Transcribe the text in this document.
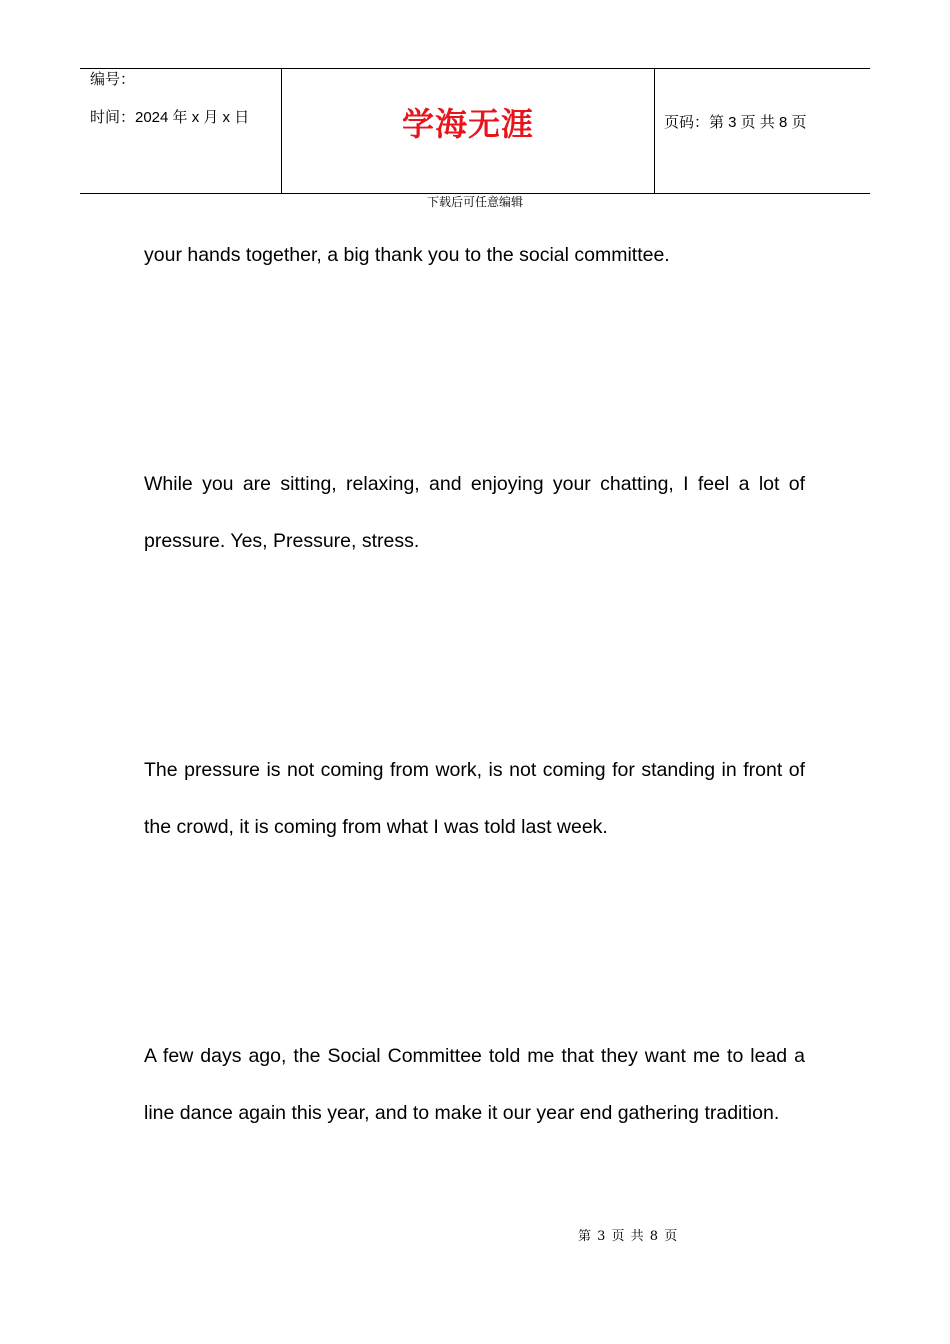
编号：
时间：2024 年 x 月 x 日	学海无涯	页码：第 3 页 共 8 页
下载后可任意编辑

your hands together, a big thank you to the social committee.

While you are sitting, relaxing, and enjoying your chatting, I feel a lot of pressure. Yes, Pressure, stress.

The pressure is not coming from work, is not coming for standing in front of the crowd, it is coming from what I was told last week.

A few days ago, the Social Committee told me that they want me to lead a line dance again this year, and to make it our year end gathering tradition.

第 3 页 共 8 页
